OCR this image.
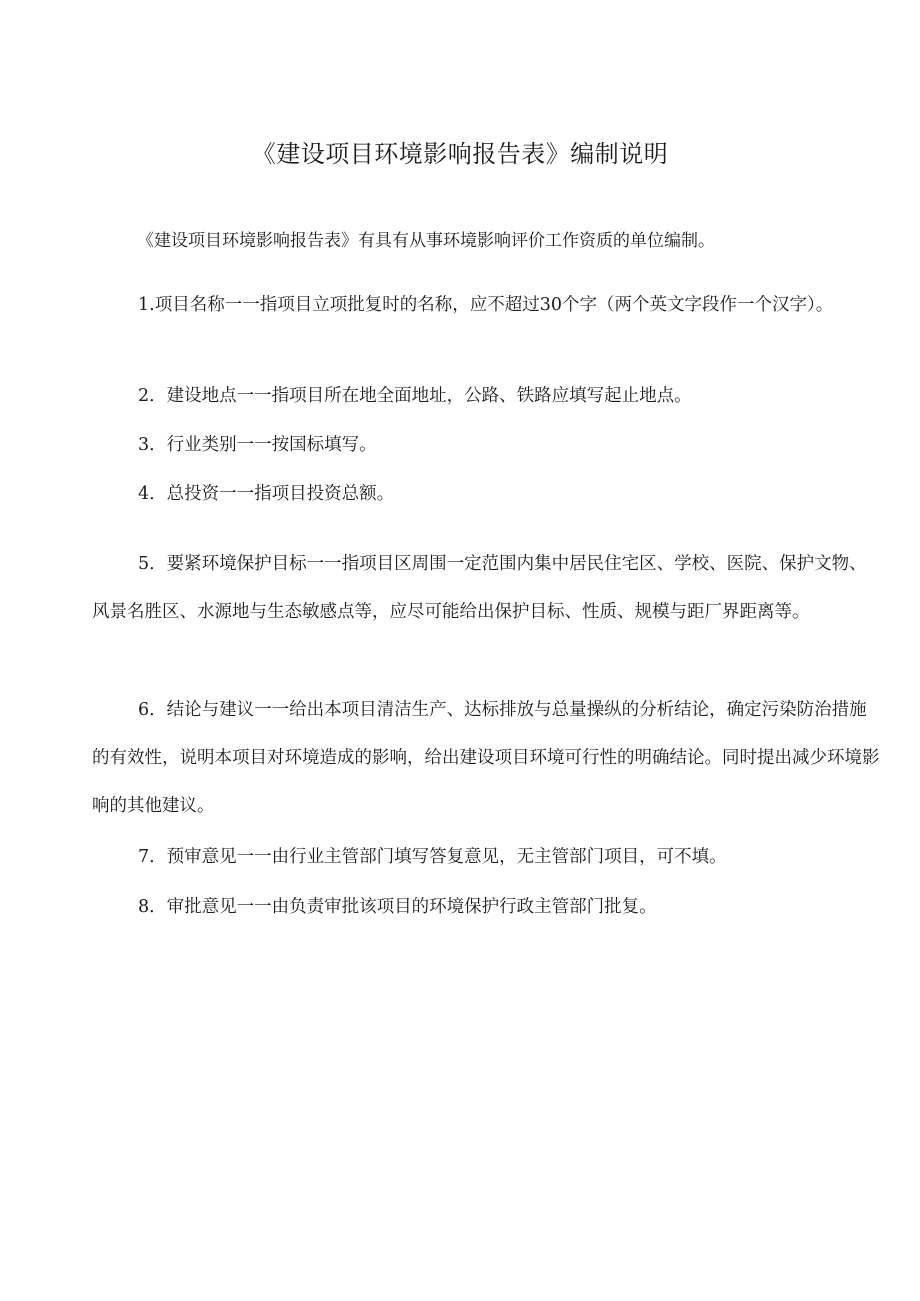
《建设项目环境影响报告表》编制说明
《建设项目环境影响报告表》有具有从事环境影响评价工作资质的单位编制。

1.项目名称一一指项目立项批复时的名称，应不超过30个字（两个英文字段作一个汉字）。

2．建设地点一一指项目所在地全面地址，公路、铁路应填写起止地点。

3．行业类别一一按国标填写。

4．总投资一一指项目投资总额。

5．要紧环境保护目标一一指项目区周围一定范围内集中居民住宅区、学校、医院、保护文物、风景名胜区、水源地与生态敏感点等，应尽可能给出保护目标、性质、规模与距厂界距离等。

6．结论与建议一一给出本项目清洁生产、达标排放与总量操纵的分析结论，确定污染防治措施的有效性，说明本项目对环境造成的影响，给出建设项目环境可行性的明确结论。同时提出减少环境影响的其他建议。

7．预审意见一一由行业主管部门填写答复意见，无主管部门项目，可不填。

8．审批意见一一由负责审批该项目的环境保护行政主管部门批复。
